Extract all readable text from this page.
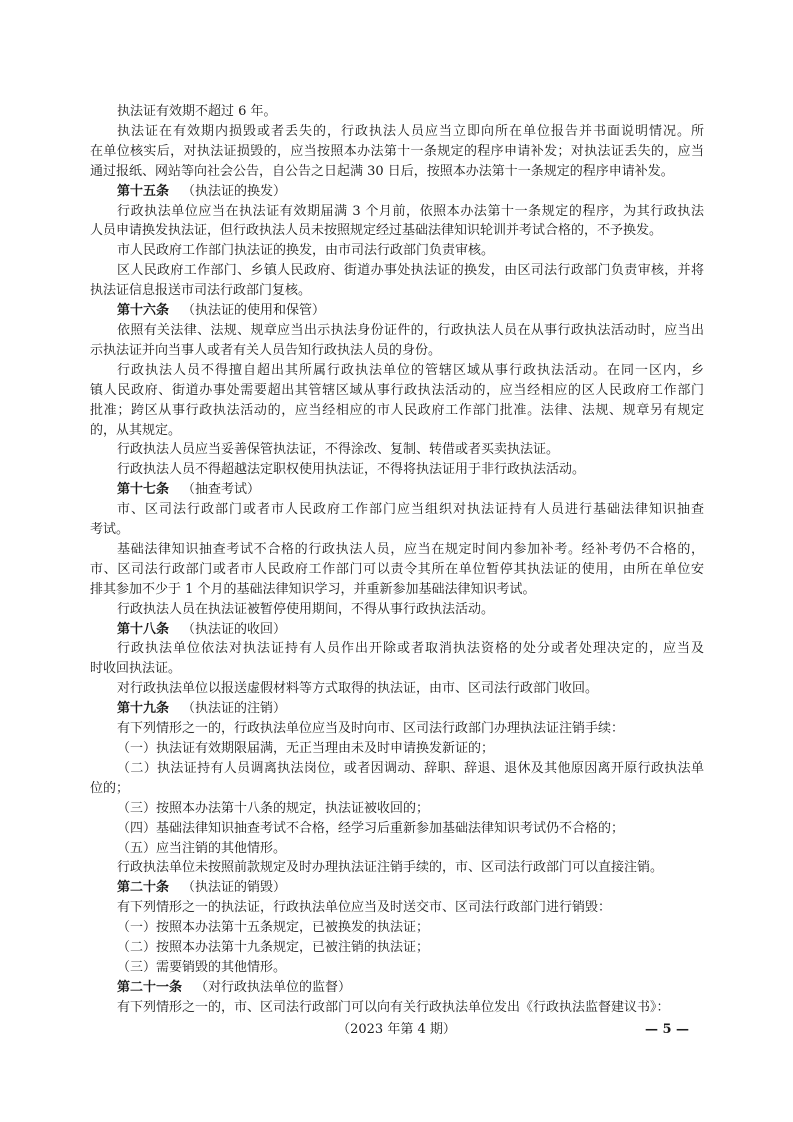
执法证有效期不超过 6 年。
执法证在有效期内损毁或者丢失的，行政执法人员应当立即向所在单位报告并书面说明情况。所
在单位核实后，对执法证损毁的，应当按照本办法第十一条规定的程序申请补发；对执法证丢失的，应当
通过报纸、网站等向社会公告，自公告之日起满 30 日后，按照本办法第十一条规定的程序申请补发。
第十五条 （执法证的换发）
行政执法单位应当在执法证有效期届满 3 个月前，依照本办法第十一条规定的程序，为其行政执法
人员申请换发执法证，但行政执法人员未按照规定经过基础法律知识轮训并考试合格的，不予换发。
市人民政府工作部门执法证的换发，由市司法行政部门负责审核。
区人民政府工作部门、乡镇人民政府、街道办事处执法证的换发，由区司法行政部门负责审核，并将
执法证信息报送市司法行政部门复核。
第十六条 （执法证的使用和保管）
依照有关法律、法规、规章应当出示执法身份证件的，行政执法人员在从事行政执法活动时，应当出
示执法证并向当事人或者有关人员告知行政执法人员的身份。
行政执法人员不得擅自超出其所属行政执法单位的管辖区域从事行政执法活动。在同一区内，乡
镇人民政府、街道办事处需要超出其管辖区域从事行政执法活动的，应当经相应的区人民政府工作部门
批准；跨区从事行政执法活动的，应当经相应的市人民政府工作部门批准。法律、法规、规章另有规定
的，从其规定。
行政执法人员应当妥善保管执法证，不得涂改、复制、转借或者买卖执法证。
行政执法人员不得超越法定职权使用执法证，不得将执法证用于非行政执法活动。
第十七条 （抽查考试）
市、区司法行政部门或者市人民政府工作部门应当组织对执法证持有人员进行基础法律知识抽查
考试。
基础法律知识抽查考试不合格的行政执法人员，应当在规定时间内参加补考。经补考仍不合格的，
市、区司法行政部门或者市人民政府工作部门可以责令其所在单位暂停其执法证的使用，由所在单位安
排其参加不少于 1 个月的基础法律知识学习，并重新参加基础法律知识考试。
行政执法人员在执法证被暂停使用期间，不得从事行政执法活动。
第十八条 （执法证的收回）
行政执法单位依法对执法证持有人员作出开除或者取消执法资格的处分或者处理决定的，应当及
时收回执法证。
对行政执法单位以报送虚假材料等方式取得的执法证，由市、区司法行政部门收回。
第十九条 （执法证的注销）
有下列情形之一的，行政执法单位应当及时向市、区司法行政部门办理执法证注销手续：
（一）执法证有效期限届满，无正当理由未及时申请换发新证的；
（二）执法证持有人员调离执法岗位，或者因调动、辞职、辞退、退休及其他原因离开原行政执法单
位的；
（三）按照本办法第十八条的规定，执法证被收回的；
（四）基础法律知识抽查考试不合格，经学习后重新参加基础法律知识考试仍不合格的；
（五）应当注销的其他情形。
行政执法单位未按照前款规定及时办理执法证注销手续的，市、区司法行政部门可以直接注销。
第二十条 （执法证的销毁）
有下列情形之一的执法证，行政执法单位应当及时送交市、区司法行政部门进行销毁：
（一）按照本办法第十五条规定，已被换发的执法证；
（二）按照本办法第十九条规定，已被注销的执法证；
（三）需要销毁的其他情形。
第二十一条 （对行政执法单位的监督）
有下列情形之一的，市、区司法行政部门可以向有关行政执法单位发出《行政执法监督建议书》：
（2023 年第 4 期）	— 5 —
